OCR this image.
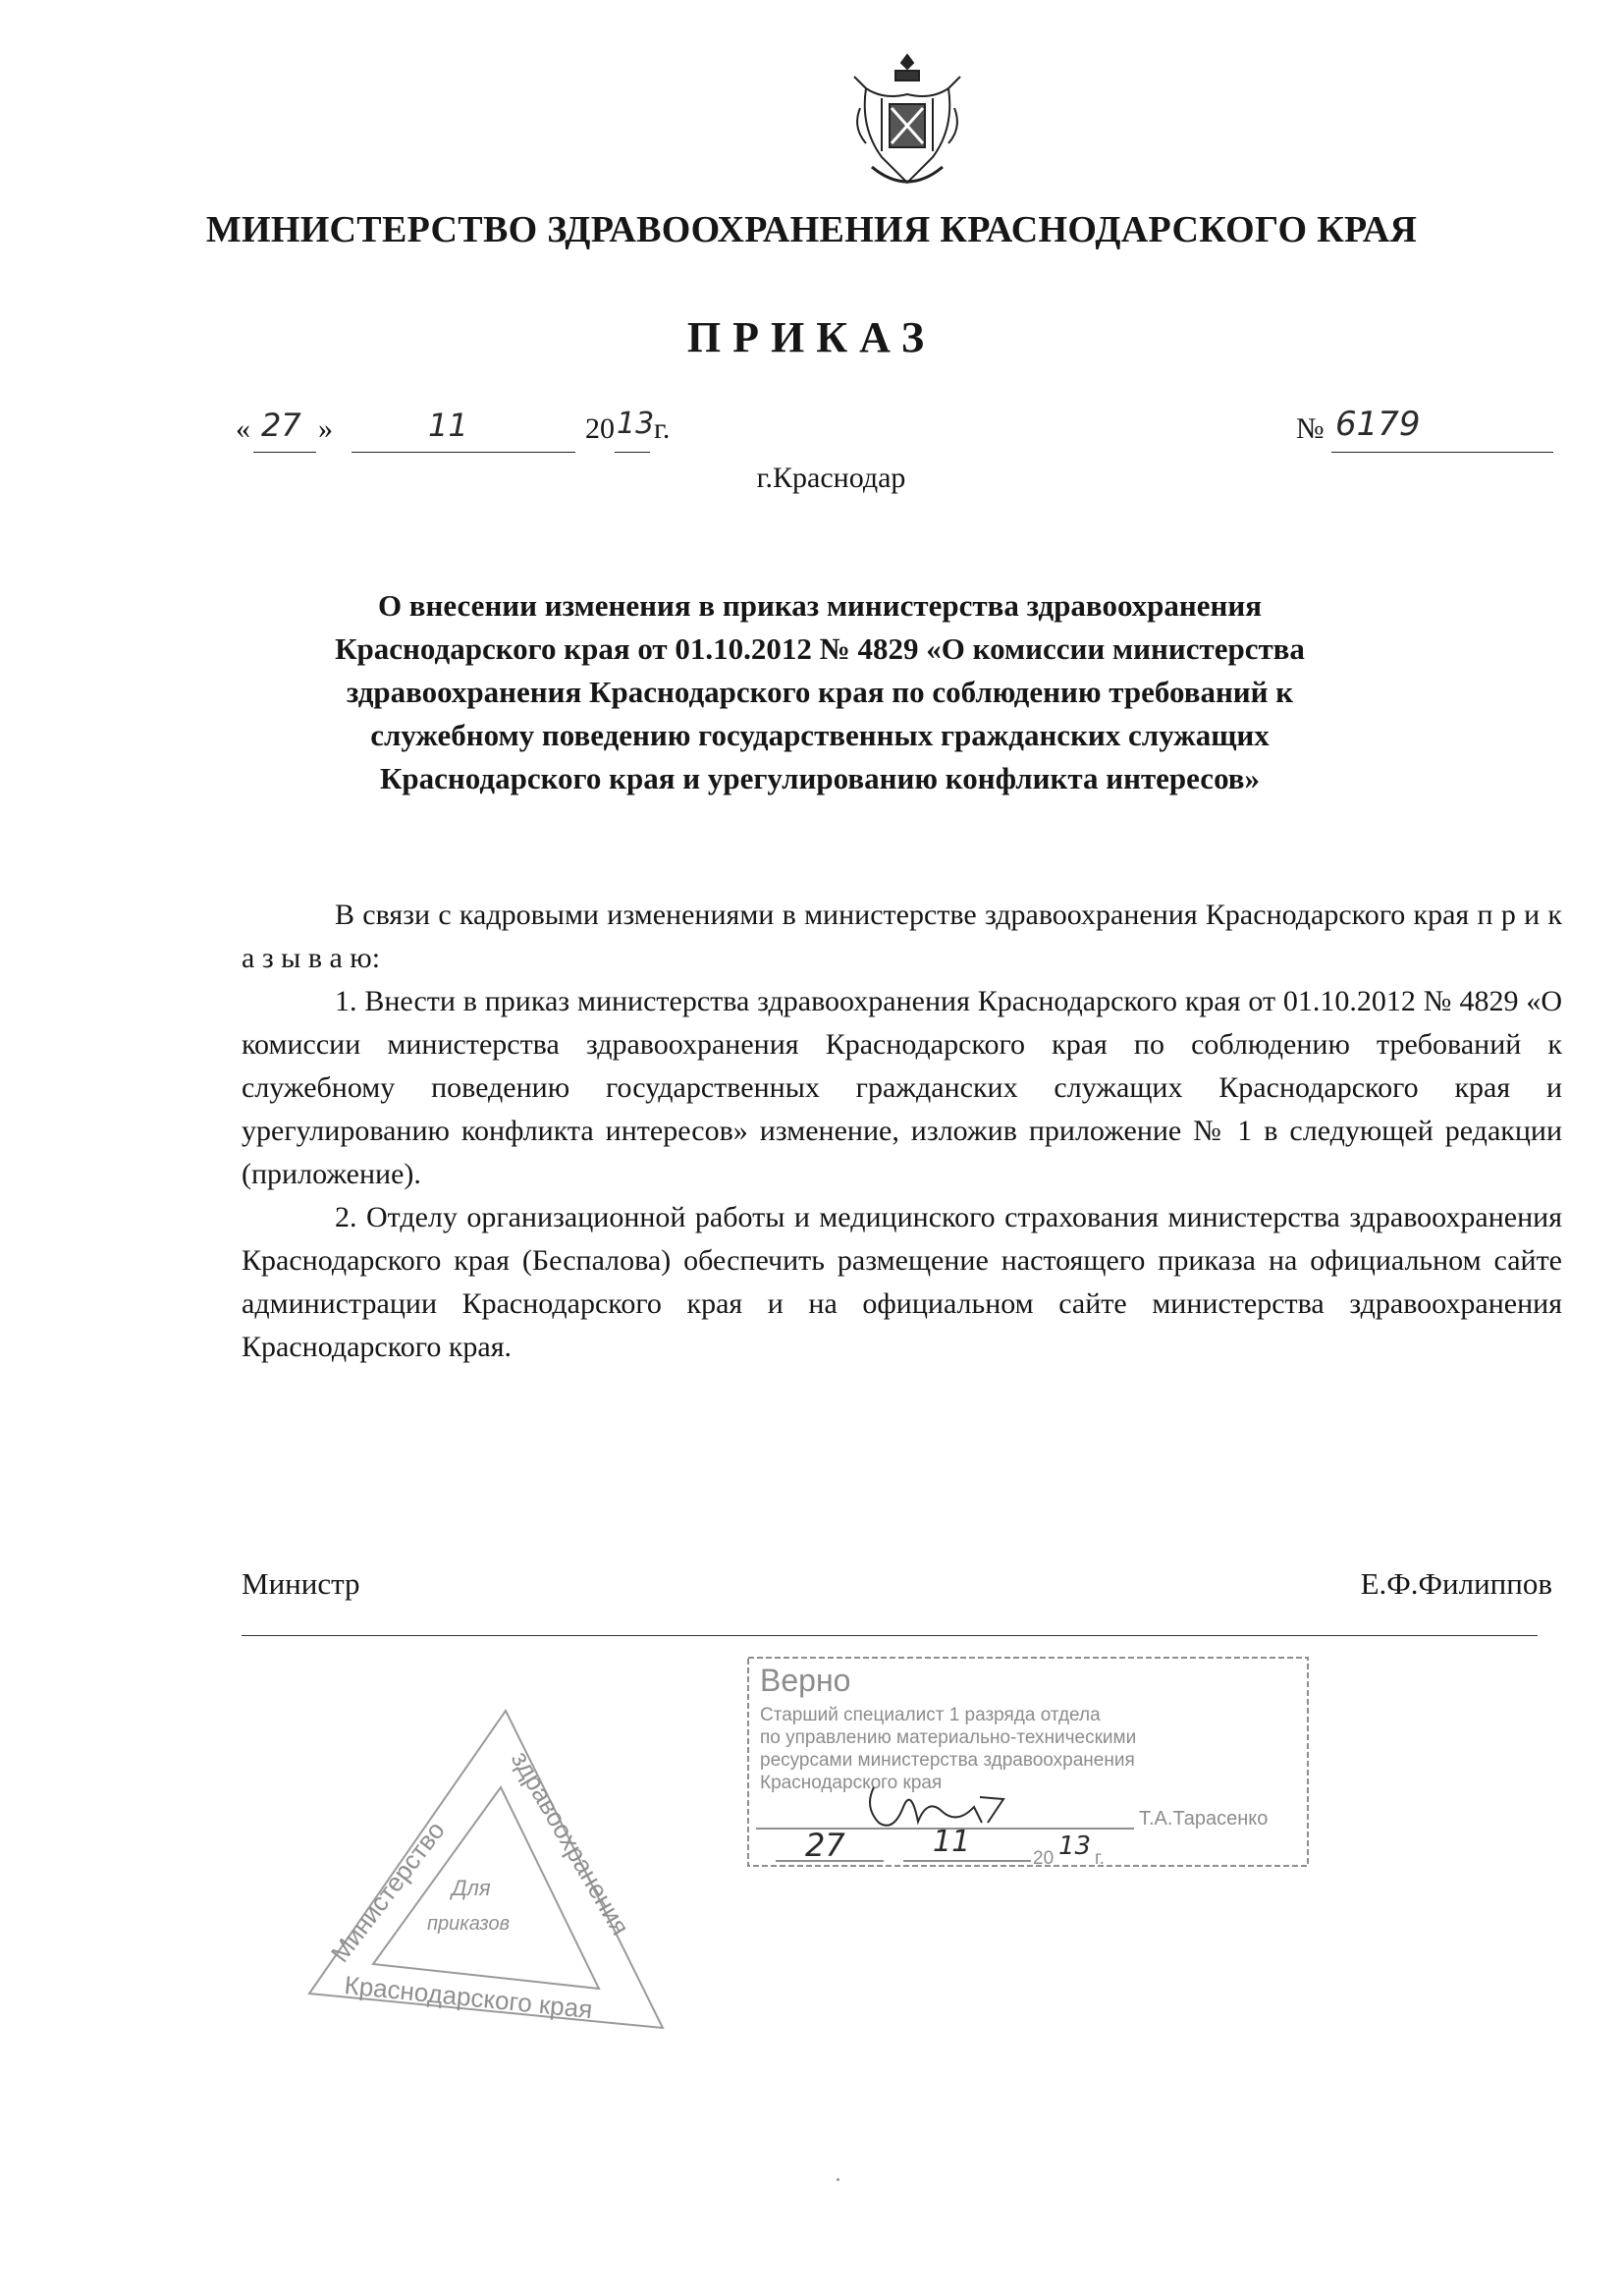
МИНИСТЕРСТВО ЗДРАВООХРАНЕНИЯ КРАСНОДАРСКОГО КРАЯ
ПРИКАЗ
« 27 »	11	20 13 г.	№ 6179
г.Краснодар
О внесении изменения в приказ министерства здравоохранения Краснодарского края от 01.10.2012 № 4829 «О комиссии министерства здравоохранения Краснодарского края по соблюдению требований к служебному поведению государственных гражданских служащих Краснодарского края и урегулированию конфликта интересов»

В связи с кадровыми изменениями в министерстве здравоохранения Краснодарского края п р и к а з ы в а ю:

1. Внести в приказ министерства здравоохранения Краснодарского края от 01.10.2012 № 4829 «О комиссии министерства здравоохранения Краснодарского края по соблюдению требований к служебному поведению государственных гражданских служащих Краснодарского края и урегулированию конфликта интересов» изменение, изложив приложение № 1 в следующей редакции (приложение).

2. Отделу организационной работы и медицинского страхования министерства здравоохранения Краснодарского края (Беспалова) обеспечить размещение настоящего приказа на официальном сайте администрации Краснодарского края и на официальном сайте министерства здравоохранения Краснодарского края.

Министр	Е.Ф.Филиппов
Министерство
здравоохранения
Краснодарского края
Для
приказов
Верно
Старший специалист 1 разряда отдела
по управлению материально-техническими
ресурсами министерства здравоохранения
Краснодарского края
Т.А.Тарасенко
20 г.
27	11	13
